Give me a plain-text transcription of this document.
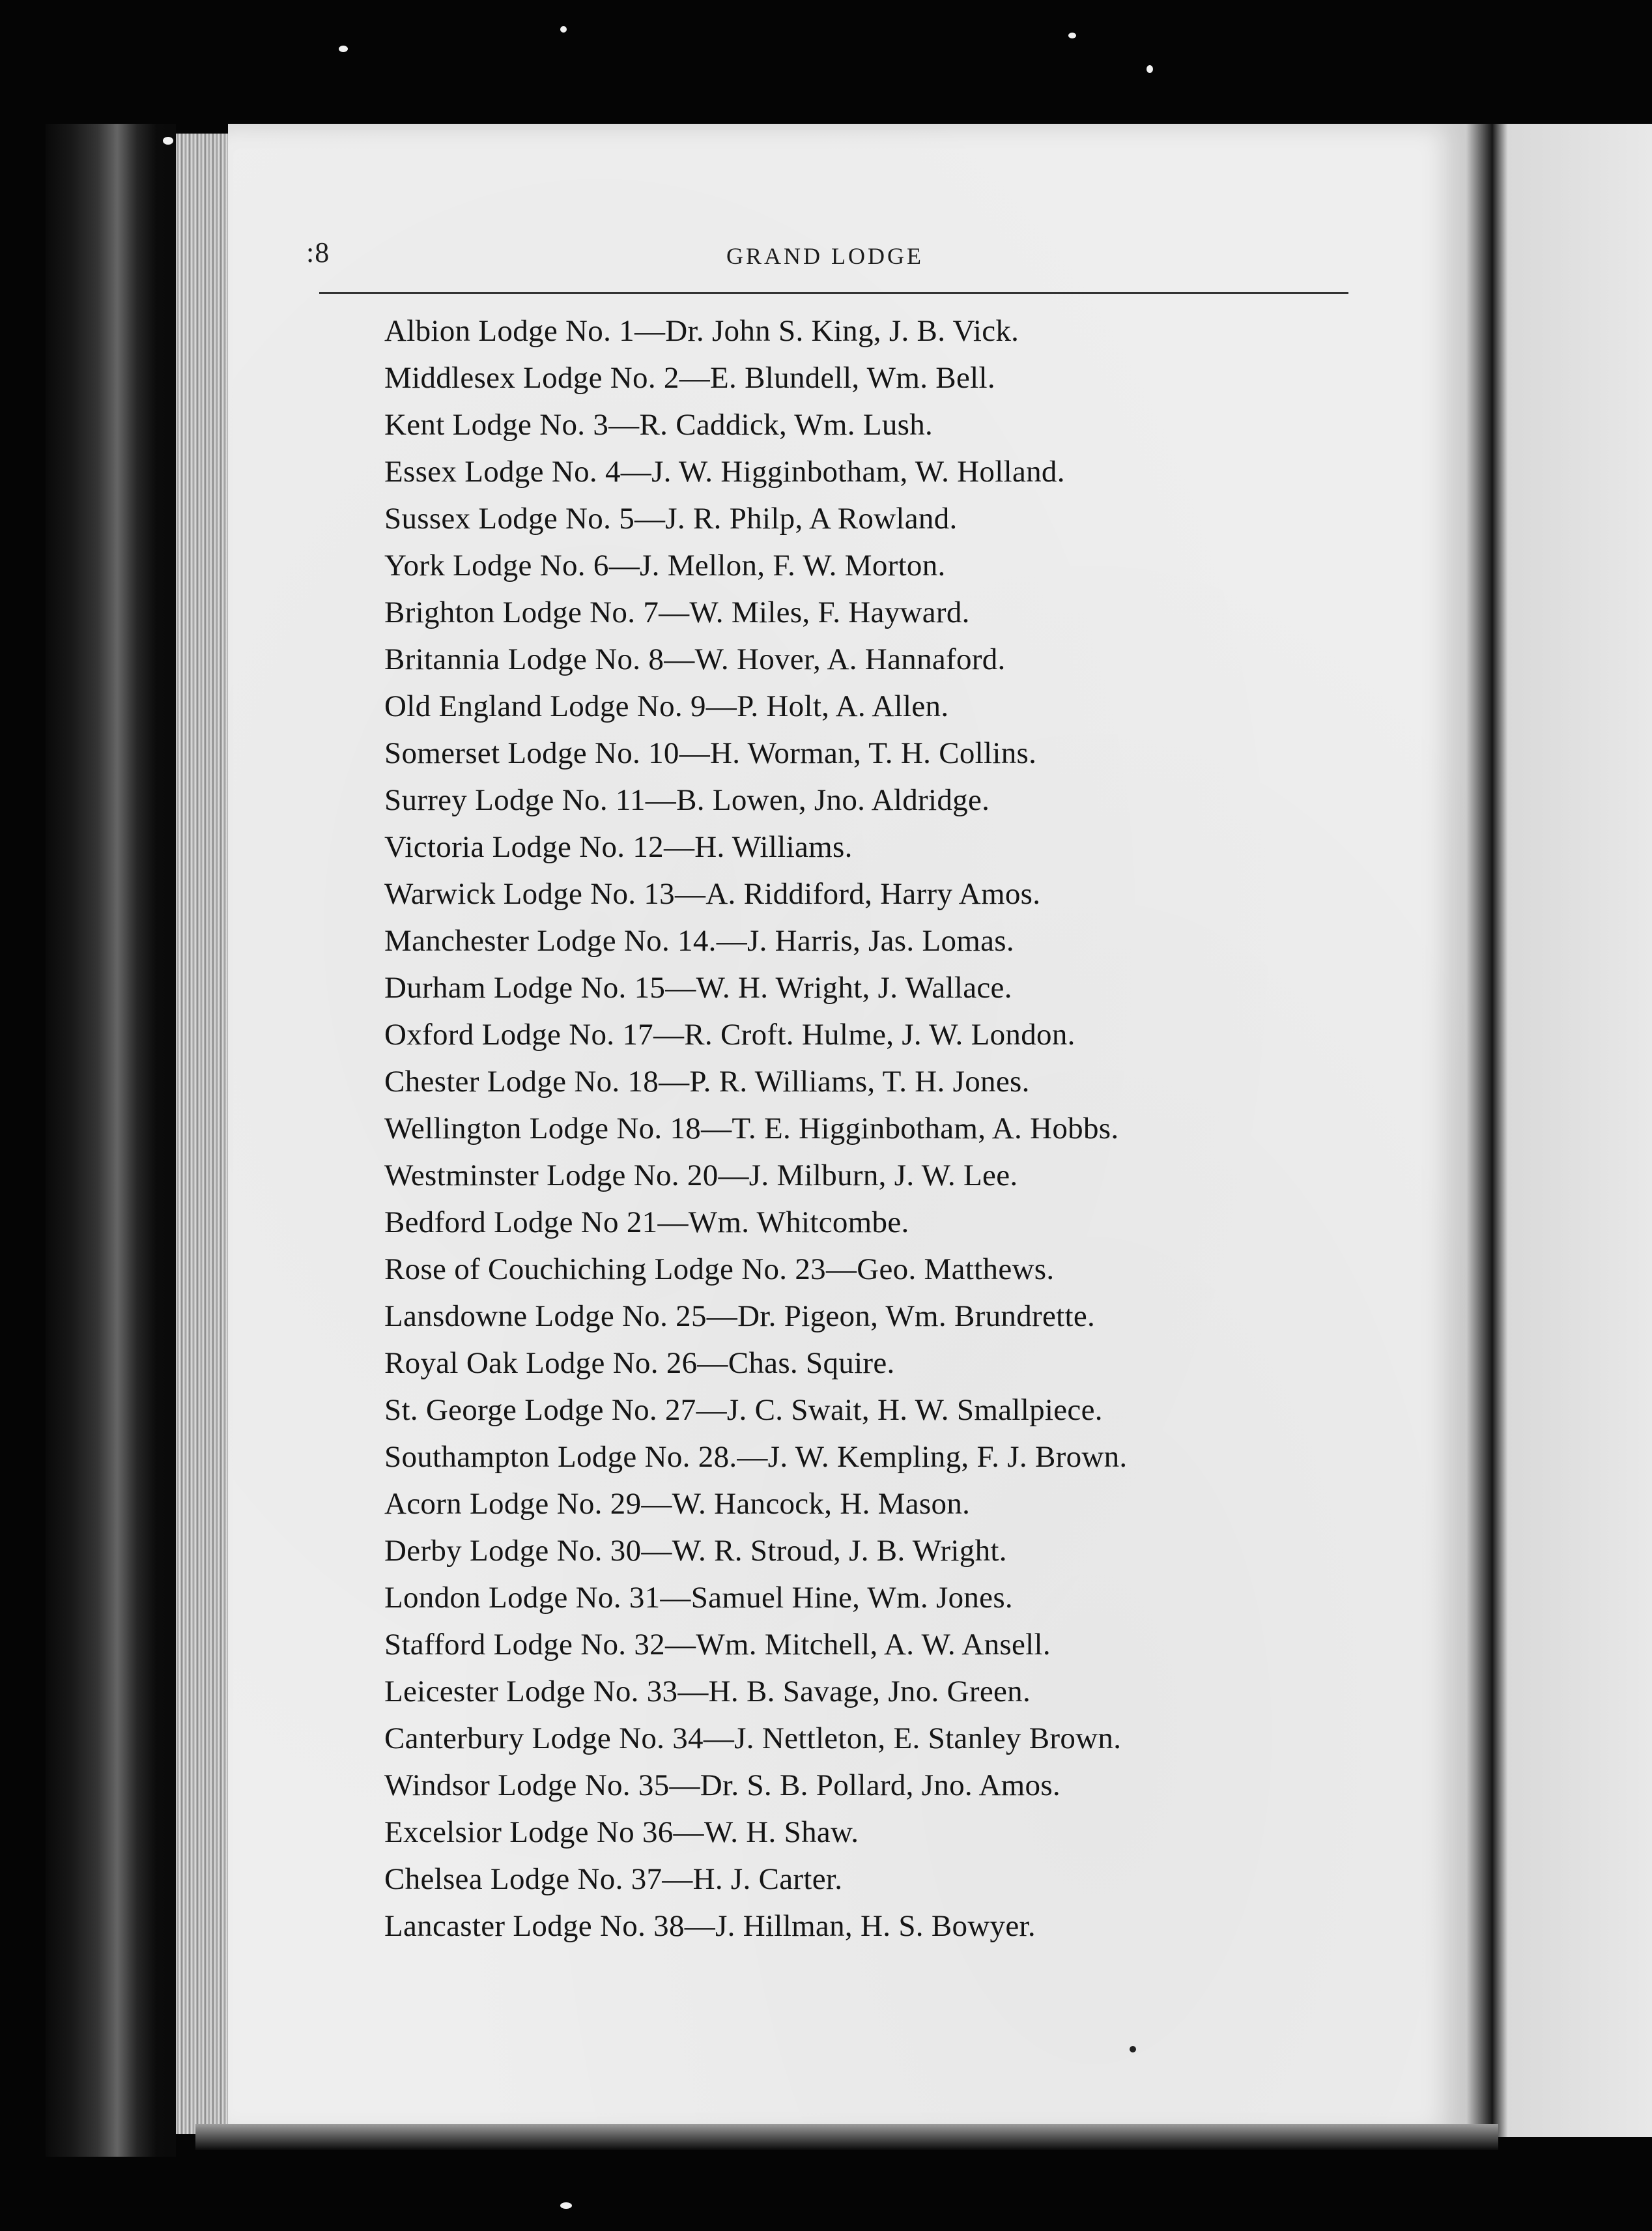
:8	GRAND LODGE
Albion Lodge No. 1—Dr. John S. King, J. B. Vick.
Middlesex Lodge No. 2—E. Blundell, Wm. Bell.
Kent Lodge No. 3—R. Caddick, Wm. Lush.
Essex Lodge No. 4—J. W. Higginbotham, W. Holland.
Sussex Lodge No. 5—J. R. Philp, A Rowland.
York Lodge No. 6—J. Mellon, F. W. Morton.
Brighton Lodge No. 7—W. Miles, F. Hayward.
Britannia Lodge No. 8—W. Hover, A. Hannaford.
Old England Lodge No. 9—P. Holt, A. Allen.
Somerset Lodge No. 10—H. Worman, T. H. Collins.
Surrey Lodge No. 11—B. Lowen, Jno. Aldridge.
Victoria Lodge No. 12—H. Williams.
Warwick Lodge No. 13—A. Riddiford, Harry Amos.
Manchester Lodge No. 14.—J. Harris, Jas. Lomas.
Durham Lodge No. 15—W. H. Wright, J. Wallace.
Oxford Lodge No. 17—R. Croft. Hulme, J. W. London.
Chester Lodge No. 18—P. R. Williams, T. H. Jones.
Wellington Lodge No. 18—T. E. Higginbotham, A. Hobbs.
Westminster Lodge No. 20—J. Milburn, J. W. Lee.
Bedford Lodge No 21—Wm. Whitcombe.
Rose of Couchiching Lodge No. 23—Geo. Matthews.
Lansdowne Lodge No. 25—Dr. Pigeon, Wm. Brundrette.
Royal Oak Lodge No. 26—Chas. Squire.
St. George Lodge No. 27—J. C. Swait, H. W. Smallpiece.
Southampton Lodge No. 28.—J. W. Kempling, F. J. Brown.
Acorn Lodge No. 29—W. Hancock, H. Mason.
Derby Lodge No. 30—W. R. Stroud, J. B. Wright.
London Lodge No. 31—Samuel Hine, Wm. Jones.
Stafford Lodge No. 32—Wm. Mitchell, A. W. Ansell.
Leicester Lodge No. 33—H. B. Savage, Jno. Green.
Canterbury Lodge No. 34—J. Nettleton, E. Stanley Brown.
Windsor Lodge No. 35—Dr. S. B. Pollard, Jno. Amos.
Excelsior Lodge No 36—W. H. Shaw.
Chelsea Lodge No. 37—H. J. Carter.
Lancaster Lodge No. 38—J. Hillman, H. S. Bowyer.
